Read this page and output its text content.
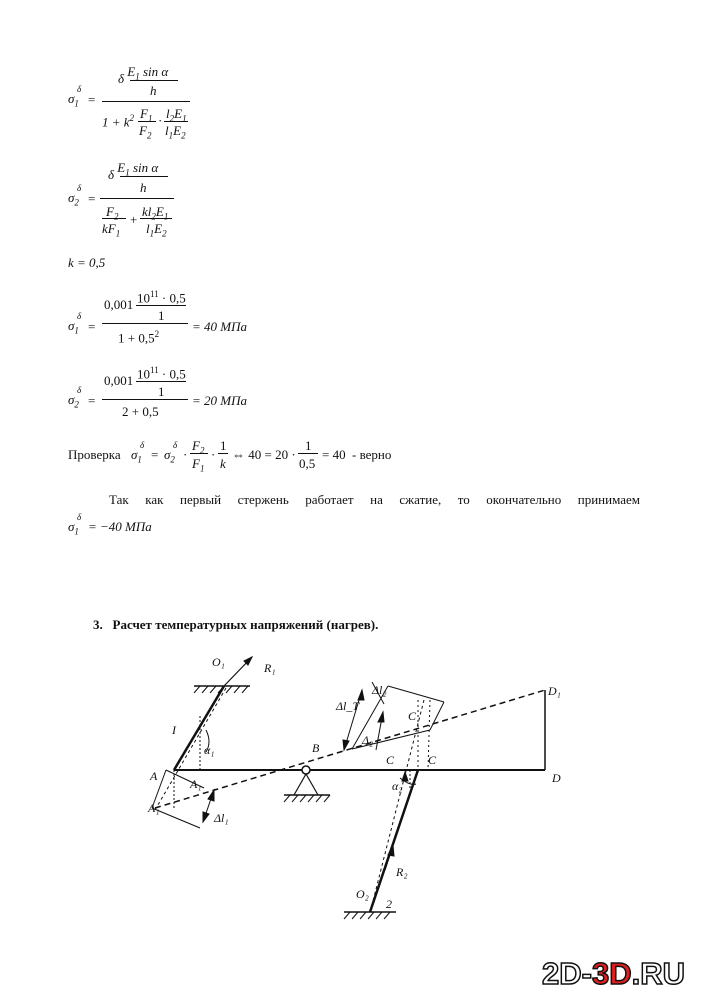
$\sigma_1$
δ
=
δ $E_1$ sin α
h
$1 + k^2$ $F_1$
$F_2$
· $l_2E_1$
$l_1E_2$
$\sigma_2$
δ
=
δ $E_1$ sin α
h
$F_2$
$kF_1$
+
$kl_2E_1$
$l_1E_2$
k = 0,5
$\sigma_1$
δ
=
0,001 $10^{11} \cdot 0,5$
1
$1 + 0,5^2$	= 40 МПа
$\sigma_2$
δ
=
0,001 $10^{11} \cdot 0,5$
1
2 + 0,5
= 20 МПа
Проверка $\sigma_1$
δ
= $\sigma_2$
δ
·
$F_2$
$F_1$
·
1
k
⇔ 40 = 20 ·
1
0,5
= 40 - верно
Так как первый стержень работает на сжатие, то окончательно принимаем
$\sigma_1$
δ
= −40 МПа
3. Расчет температурных напряжений (нагрев).
O₁	R₁
I
α₁
A
A₁
A₁
Δl₁
B
Δl_T
Δl₂
Δ₂
C
C	C
α₂
D₁
D
R₂
O₂
2
2D-3D.RU
